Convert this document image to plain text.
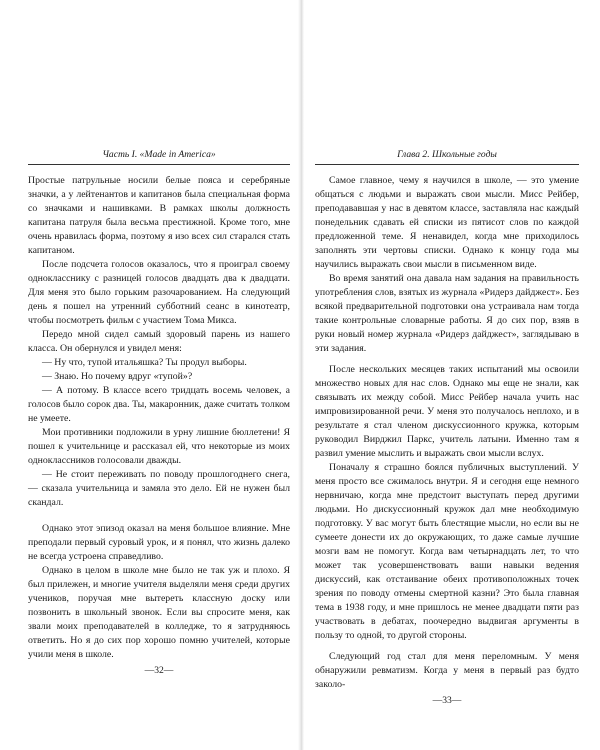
Часть I. «Made in America»

Простые патрульные носили белые пояса и серебряные значки, а у лейтенантов и капитанов была специальная форма со значками и нашивками. В рамках школы должность капитана патруля была весьма престижной. Кроме того, мне очень нравилась форма, поэтому я изо всех сил старался стать капитаном.

После подсчета голосов оказалось, что я проиграл своему однокласснику с разницей голосов двадцать два к двадцати. Для меня это было горьким разочарованием. На следующий день я пошел на утренний субботний сеанс в кинотеатр, чтобы посмотреть фильм с участием Тома Микса.

Передо мной сидел самый здоровый парень из нашего класса. Он обернулся и увидел меня:

— Ну что, тупой итальяшка? Ты продул выборы.

— Знаю. Но почему вдруг «тупой»?

— А потому. В классе всего тридцать восемь человек, а голосов было сорок два. Ты, макаронник, даже считать толком не умеете.

Мои противники подложили в урну лишние бюллетени! Я пошел к учительнице и рассказал ей, что некоторые из моих одноклассников голосовали дважды.

— Не стоит переживать по поводу прошлогоднего снега, — сказала учительница и замяла это дело. Ей не нужен был скандал.

Однако этот эпизод оказал на меня большое влияние. Мне преподали первый суровый урок, и я понял, что жизнь далеко не всегда устроена справедливо.

Однако в целом в школе мне было не так уж и плохо. Я был прилежен, и многие учителя выделяли меня среди других учеников, поручая мне вытереть классную доску или позвонить в школьный звонок. Если вы спросите меня, как звали моих преподавателей в колледже, то я затрудняюсь ответить. Но я до сих пор хорошо помню учителей, которые учили меня в школе.

—32—
Глава 2. Школьные годы

Самое главное, чему я научился в школе, — это умение общаться с людьми и выражать свои мысли. Мисс Рейбер, преподававшая у нас в девятом классе, заставляла нас каждый понедельник сдавать ей списки из пятисот слов по каждой предложенной теме. Я ненавидел, когда мне приходилось заполнять эти чертовы списки. Однако к концу года мы научились выражать свои мысли в письменном виде.

Во время занятий она давала нам задания на правильность употребления слов, взятых из журнала «Ридерз дайджест». Без всякой предварительной подготовки она устраивала нам тогда такие контрольные словарные работы. Я до сих пор, взяв в руки новый номер журнала «Ридерз дайджест», заглядываю в эти задания.

После нескольких месяцев таких испытаний мы освоили множество новых для нас слов. Однако мы еще не знали, как связывать их между собой. Мисс Рейбер начала учить нас импровизированной речи. У меня это получалось неплохо, и в результате я стал членом дискуссионного кружка, которым руководил Вирджил Паркс, учитель латыни. Именно там я развил умение мыслить и выражать свои мысли вслух.

Поначалу я страшно боялся публичных выступлений. У меня просто все сжималось внутри. Я и сегодня еще немного нервничаю, когда мне предстоит выступать перед другими людьми. Но дискуссионный кружок дал мне необходимую подготовку. У вас могут быть блестящие мысли, но если вы не сумеете донести их до окружающих, то даже самые лучшие мозги вам не помогут. Когда вам четырнадцать лет, то что может так усовершенствовать ваши навыки ведения дискуссий, как отстаивание обеих противоположных точек зрения по поводу отмены смертной казни? Это была главная тема в 1938 году, и мне пришлось не менее двадцати пяти раз участвовать в дебатах, поочередно выдвигая аргументы в пользу то одной, то другой стороны.

Следующий год стал для меня переломным. У меня обнаружили ревматизм. Когда у меня в первый раз будто заколо-

—33—
